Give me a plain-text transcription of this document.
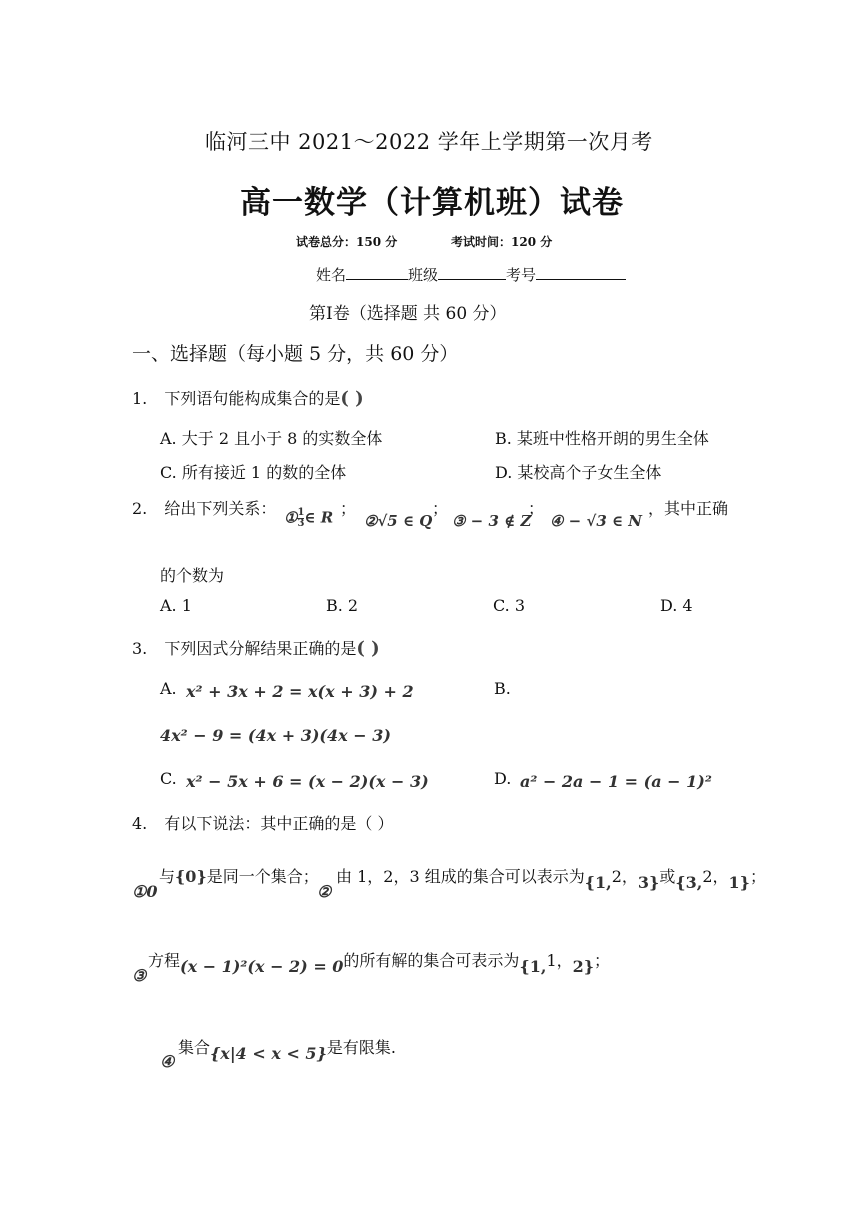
临河三中 2021～2022 学年上学期第一次月考
高一数学（计算机班）试卷
试卷总分：150 分	考试时间：120 分
姓名	班级	考号
第Ⅰ卷（选择题 共 60 分）
一、选择题（每小题 5 分，共 60 分）
1. 下列语句能构成集合的是( )
A. 大于 2 且小于 8 的实数全体	B. 某班中性格开朗的男生全体
C. 所有接近 1 的数的全体	D. 某校高个子女生全体
2. 给出下列关系： ① $\frac{1}{3}$ ∈ R ；
②√5 ∈ Q
；
③ − 3 ∉ Z
；
④ − √3 ∈ N
，其中正确
的个数为
A. 1	B. 2	C. 3	D. 4
3. 下列因式分解结果正确的是( )
A. x² + 3x + 2 = x(x + 3) + 2	B.
4x² − 9 = (4x + 3)(4x − 3)
C. x² − 5x + 6 = (x − 2)(x − 3)	D. a² − 2a − 1 = (a − 1)²
4. 有以下说法：其中正确的是（ ）
与{0}是同一个集合；
①0	②
由 1，2，3 组成的集合可以表示为{1,2，3}或{3,2，1}；
③
方程(x − 1)²(x − 2) = 0的所有解的集合可表示为{1,1，2}；
④
集合{x|4 < x < 5}是有限集.
